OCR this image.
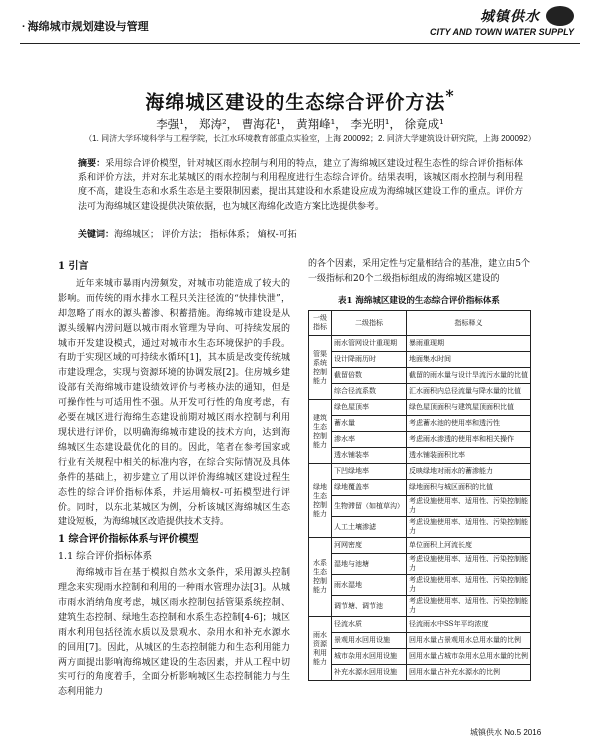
· 海绵城市规划建设与管理
城镇供水
CITY AND TOWN WATER SUPPLY
海绵城区建设的生态综合评价方法*
李强¹， 郑涛²， 曹海花¹， 黄翔峰¹， 李光明¹， 徐竟成¹
（1. 同济大学环境科学与工程学院，长江水环境教育部重点实验室，上海 200092；2. 同济大学建筑设计研究院，上海 200092）
摘要：采用综合评价模型，针对城区雨水控制与利用的特点，建立了海绵城区建设过程生态性的综合评价指标体系和评价方法，并对东北某城区的雨水控制与利用程度进行生态综合评价。结果表明，该城区雨水控制与利用程度不高，建设生态和水系生态是主要限制因素，提出其建设和水系建设应成为海绵城区建设工作的重点。评价方法可为海绵城区建设提供决策依据，也为城区海绵化改造方案比选提供参考。
关键词：海绵城区； 评价方法； 指标体系； 熵权-可拓
1 引言

近年来城市暴雨内涝频发，对城市功能造成了较大的影响。而传统的雨水排水工程只关注径流的“快排快泄”，却忽略了雨水的源头蓄渗、积蓄措施。海绵城市建设是从源头缓解内涝问题以城市雨水管理为导向、可持续发展的城市开发建设模式，通过对城市水生态环境保护的手段。有助于实现区域的可持续水循环[1]，其本质是改变传统城市建设理念，实现与资源环境的协调发展[2]。住房城乡建设部有关海绵城市建设绩效评价与考核办法的通知，但是可操作性与可适用性不强。从开发可行性的角度考虑，有必要在城区进行海绵生态建设前期对城区雨水控制与利用现状进行评价，以明确海绵城市建设的技术方向，达到海绵城区生态建设最优化的目的。因此，笔者在参考国家或行业有关规程中相关的标准内容，在综合实际情况及具体条件的基础上，初步建立了用以评价海绵城区建设过程生态性的综合评价指标体系，并运用熵权-可拓模型进行评价。同时，以东北某城区为例，分析该城区海绵城区生态建设短板，为海绵城区改造提供技术支持。

1 综合评价指标体系与评价模型
1.1 综合评价指标体系

海绵城市旨在基于模拟自然水文条件，采用源头控制理念来实现雨水控制和利用的一种雨水管理办法[3]。从城市雨水消纳角度考虑，城区雨水控制包括管渠系统控制、建筑生态控制、绿地生态控制和水系生态控制[4-6]；城区雨水利用包括径流水质以及景观水、杂用水和补充水源水的回用[7]。因此，从城区的生态控制能力和生态利用能力两方面提出影响海绵城区建设的生态因素，并从工程中切实可行的角度着手，全面分析影响城区生态控制能力与生态利用能力

的各个因素，采用定性与定量相结合的基准，建立由5个一级指标和20个二级指标组成的海绵城区建设的

表1 海绵城区建设的生态综合评价指标体系
一级指标	二级指标	指标释义
管渠系统控制能力	雨水管网设计重现期	暴雨重现期
	设计降雨历时	地面集水时间
	截留倍数	截留的雨水量与设计旱流污水量的比值
	综合径流系数	汇水面积内总径流量与降水量的比值
建筑生态控制能力	绿色屋顶率	绿色屋顶面积与建筑屋顶面积比值
	蓄水量	考虑蓄水池的使用率和透污性
	渗水率	考虑雨水渗透的使用率和相关操作
	透水铺装率	透水铺装面积比率
绿地生态控制能力	下凹绿地率	反映绿地对雨水的蓄渗能力
	绿地覆盖率	绿地面积与城区面积的比值
	生物滞留（如植草沟）	考虑设施使用率、适用性、污染控制能力
	人工土壤渗滤	考虑设施使用率、适用性、污染控制能力
水系生态控制能力	河网密度	单位面积上河流长度
	湿地与池塘	考虑设施使用率、适用性、污染控制能力
	雨水湿地	考虑设施使用率、适用性、污染控制能力
	调节塘、调节池	考虑设施使用率、适用性、污染控制能力
雨水资源利用能力	径流水质	径流雨水中SS年平均浓度
	景观用水回用设施	回用水量占景观用水总用水量的比例
	城市杂用水回用设施	回用水量占城市杂用水总用水量的比例
	补充水源水回用设施	回用水量占补充水源水的比例
城镇供水 No.5 2016
